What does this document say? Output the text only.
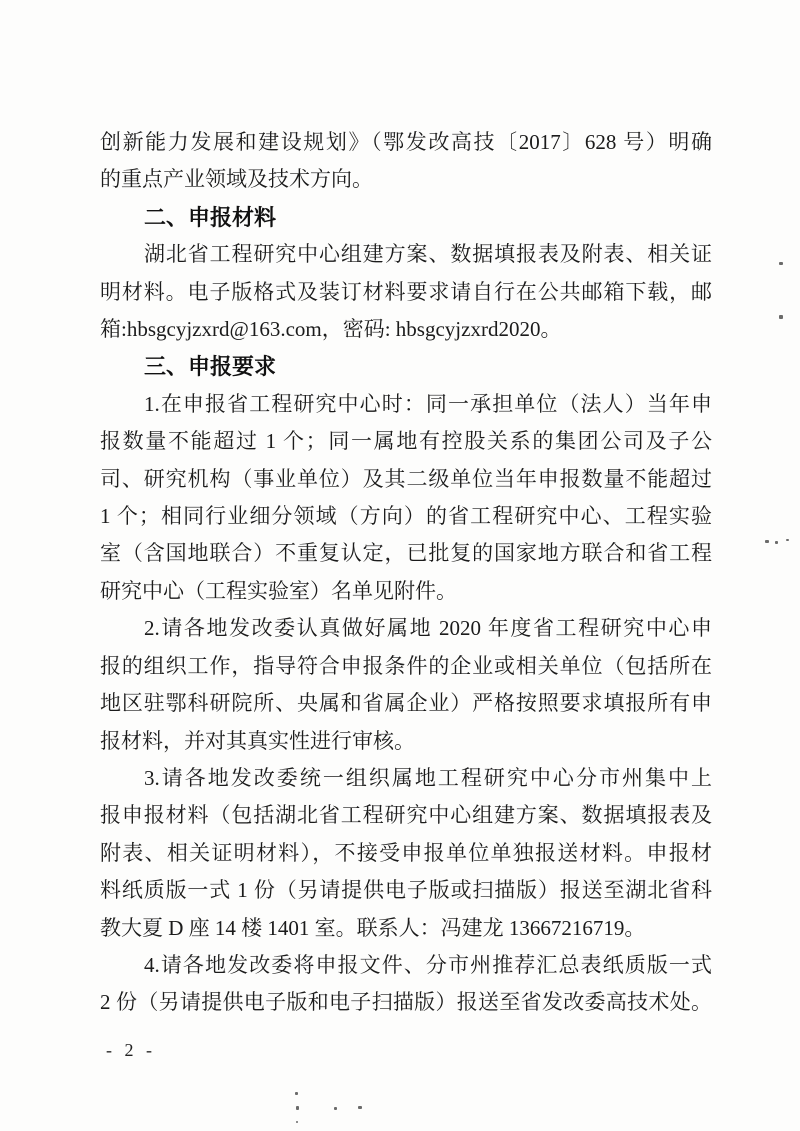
创新能力发展和建设规划》（鄂发改高技〔2017〕628 号）明确
的重点产业领域及技术方向。
二、申报材料
湖北省工程研究中心组建方案、数据填报表及附表、相关证
明材料。电子版格式及装订材料要求请自行在公共邮箱下载，邮
箱:hbsgcyjzxrd@163.com，密码: hbsgcyjzxrd2020。
三、申报要求
1.在申报省工程研究中心时：同一承担单位（法人）当年申
报数量不能超过 1 个；同一属地有控股关系的集团公司及子公
司、研究机构（事业单位）及其二级单位当年申报数量不能超过
1 个；相同行业细分领域（方向）的省工程研究中心、工程实验
室（含国地联合）不重复认定，已批复的国家地方联合和省工程
研究中心（工程实验室）名单见附件。
2.请各地发改委认真做好属地 2020 年度省工程研究中心申
报的组织工作，指导符合申报条件的企业或相关单位（包括所在
地区驻鄂科研院所、央属和省属企业）严格按照要求填报所有申
报材料，并对其真实性进行审核。
3.请各地发改委统一组织属地工程研究中心分市州集中上
报申报材料（包括湖北省工程研究中心组建方案、数据填报表及
附表、相关证明材料），不接受申报单位单独报送材料。申报材
料纸质版一式 1 份（另请提供电子版或扫描版）报送至湖北省科
教大夏 D 座 14 楼 1401 室。联系人：冯建龙 13667216719。
4.请各地发改委将申报文件、分市州推荐汇总表纸质版一式
2 份（另请提供电子版和电子扫描版）报送至省发改委高技术处。
- 2 -
